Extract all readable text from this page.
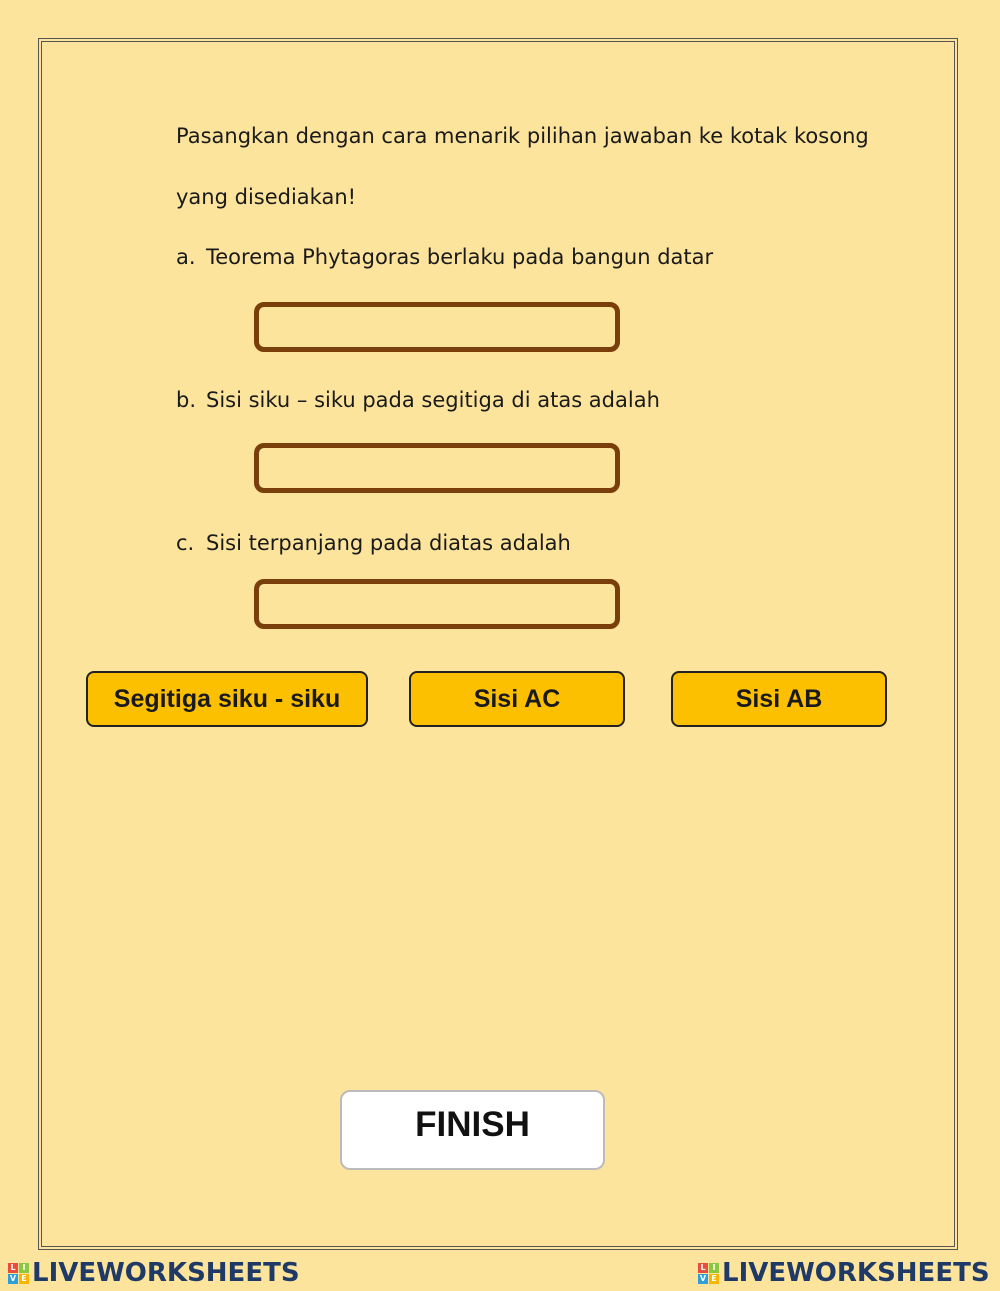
Pasangkan dengan cara menarik pilihan jawaban ke kotak kosong
yang disediakan!
a. Teorema Phytagoras berlaku pada bangun datar
b. Sisi siku – siku pada segitiga di atas adalah
c. Sisi terpanjang pada diatas adalah
Segitiga siku - siku	Sisi AC	Sisi AB
FINISH
L I
V E LIVEWORKSHEETS	L I
V E LIVEWORKSHEETS
